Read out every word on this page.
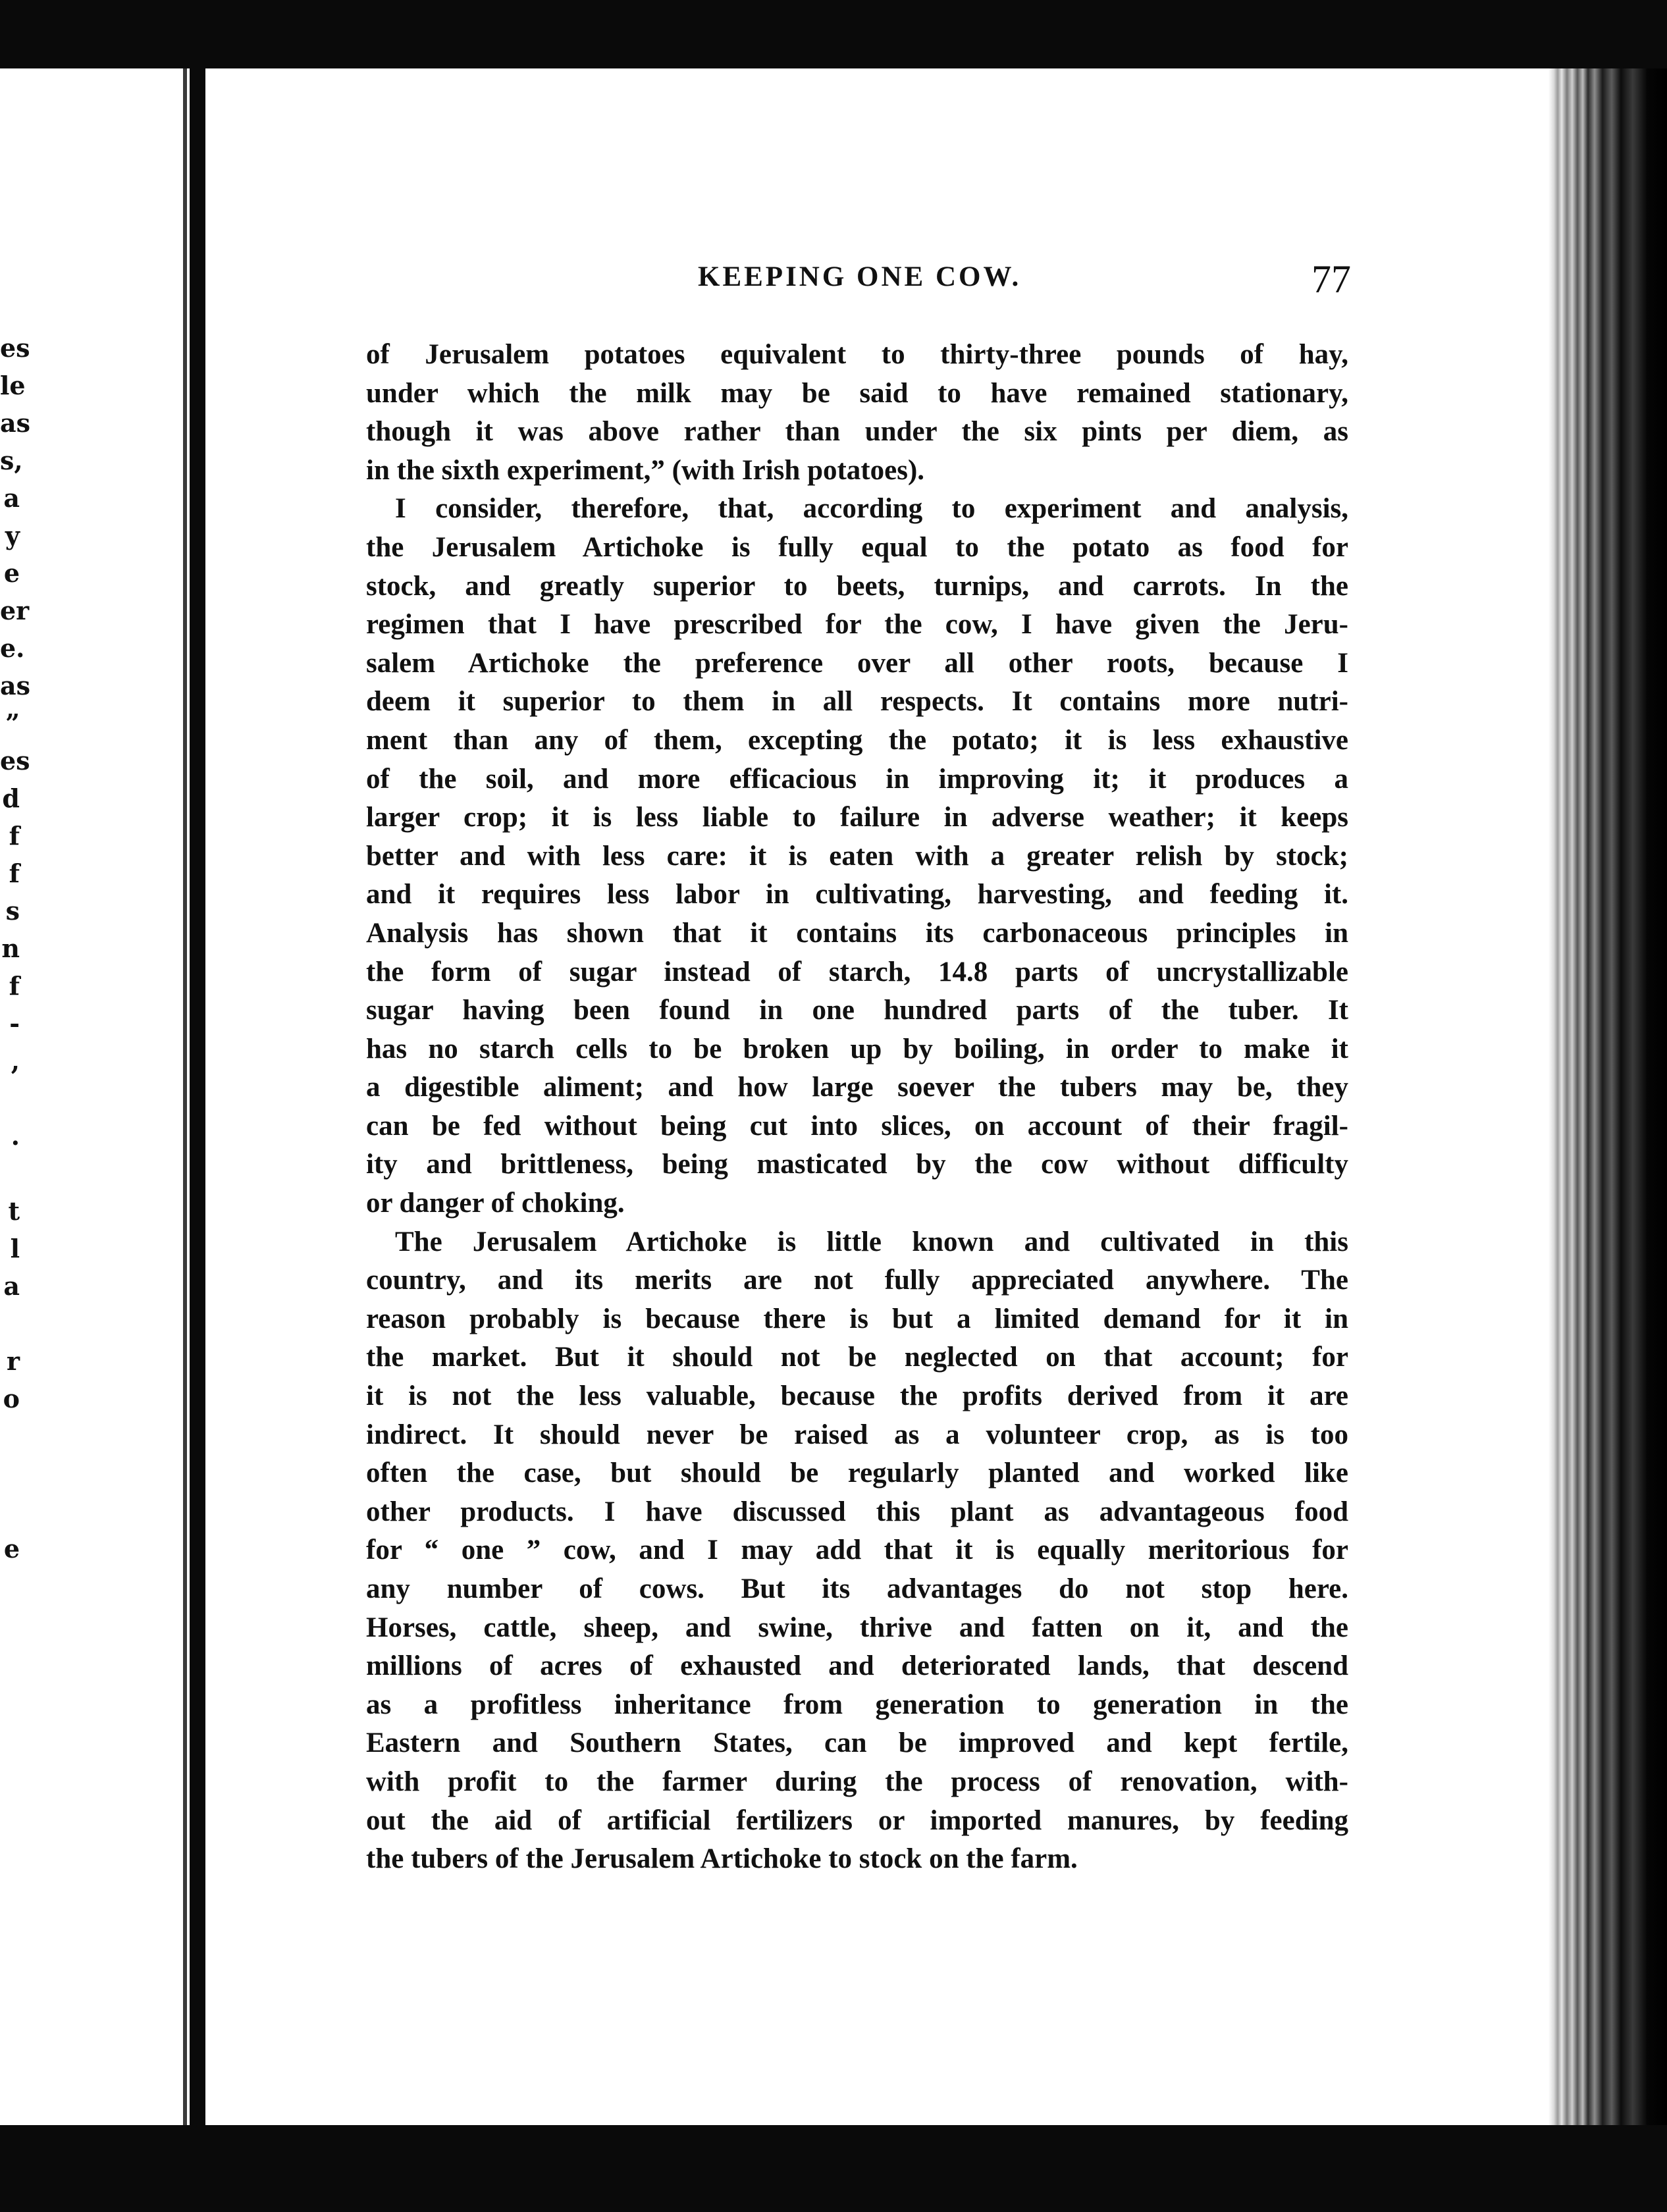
es
le
as
s,
a
y
e
er
e.
as
”
es
d
f
f
s
n
f
-
,
.
t
l
a
r
o
e
KEEPING ONE COW.	77
of Jerusalem potatoes equivalent to thirty-three pounds of hay,
under which the milk may be said to have remained stationary,
though it was above rather than under the six pints per diem, as
in the sixth experiment,” (with Irish potatoes).
I consider, therefore, that, according to experiment and analysis,
the Jerusalem Artichoke is fully equal to the potato as food for
stock, and greatly superior to beets, turnips, and carrots. In the
regimen that I have prescribed for the cow, I have given the Jeru-
salem Artichoke the preference over all other roots, because I
deem it superior to them in all respects. It contains more nutri-
ment than any of them, excepting the potato; it is less exhaustive
of the soil, and more efficacious in improving it; it produces a
larger crop; it is less liable to failure in adverse weather; it keeps
better and with less care: it is eaten with a greater relish by stock;
and it requires less labor in cultivating, harvesting, and feeding it.
Analysis has shown that it contains its carbonaceous principles in
the form of sugar instead of starch, 14.8 parts of uncrystallizable
sugar having been found in one hundred parts of the tuber. It
has no starch cells to be broken up by boiling, in order to make it
a digestible aliment; and how large soever the tubers may be, they
can be fed without being cut into slices, on account of their fragil-
ity and brittleness, being masticated by the cow without difficulty
or danger of choking.
The Jerusalem Artichoke is little known and cultivated in this
country, and its merits are not fully appreciated anywhere. The
reason probably is because there is but a limited demand for it in
the market. But it should not be neglected on that account; for
it is not the less valuable, because the profits derived from it are
indirect. It should never be raised as a volunteer crop, as is too
often the case, but should be regularly planted and worked like
other products. I have discussed this plant as advantageous food
for “ one ” cow, and I may add that it is equally meritorious for
any number of cows. But its advantages do not stop here.
Horses, cattle, sheep, and swine, thrive and fatten on it, and the
millions of acres of exhausted and deteriorated lands, that descend
as a profitless inheritance from generation to generation in the
Eastern and Southern States, can be improved and kept fertile,
with profit to the farmer during the process of renovation, with-
out the aid of artificial fertilizers or imported manures, by feeding
the tubers of the Jerusalem Artichoke to stock on the farm.
